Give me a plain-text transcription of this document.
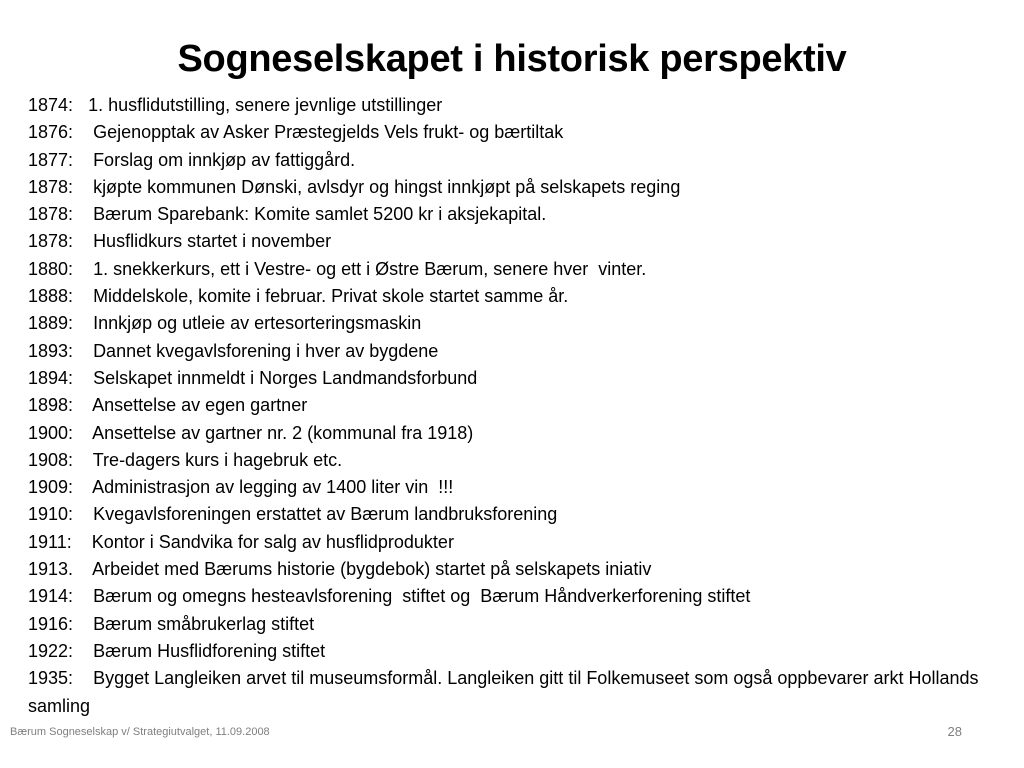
Sogneselskapet i historisk perspektiv
1874: 1. husflidutstilling, senere jevnlige utstillinger
1876: Gejenopptak av Asker Præstegjelds Vels frukt- og bærtiltak
1877: Forslag om innkjøp av fattiggård.
1878: kjøpte kommunen Dønski, avlsdyr og hingst innkjøpt på selskapets reging
1878: Bærum Sparebank: Komite samlet 5200 kr i aksjekapital.
1878: Husflidkurs startet i november
1880: 1. snekkerkurs, ett i Vestre- og ett i Østre Bærum, senere hver  vinter.
1888: Middelskole, komite i februar. Privat skole startet samme år.
1889: Innkjøp og utleie av ertesorteringsmaskin
1893: Dannet kvegavlsforening i hver av bygdene
1894: Selskapet innmeldt i Norges Landmandsforbund
1898: Ansettelse av egen gartner
1900: Ansettelse av gartner nr. 2 (kommunal fra 1918)
1908: Tre-dagers kurs i hagebruk etc.
1909: Administrasjon av legging av 1400 liter vin  !!!
1910: Kvegavlsforeningen erstattet av Bærum landbruksforening
1911: Kontor i Sandvika for salg av husflidprodukter
1913. Arbeidet med Bærums historie (bygdebok) startet på selskapets iniativ
1914: Bærum og omegns hesteavlsforening  stiftet og  Bærum Håndverkerforening stiftet
1916: Bærum småbrukerlag stiftet
1922: Bærum Husflidforening stiftet
1935: Bygget Langleiken arvet til museumsformål. Langleiken gitt til Folkemuseet som også oppbevarer arkt Hollands samling
Bærum Sogneselskap v/ Strategiutvalget, 11.09.2008	28
